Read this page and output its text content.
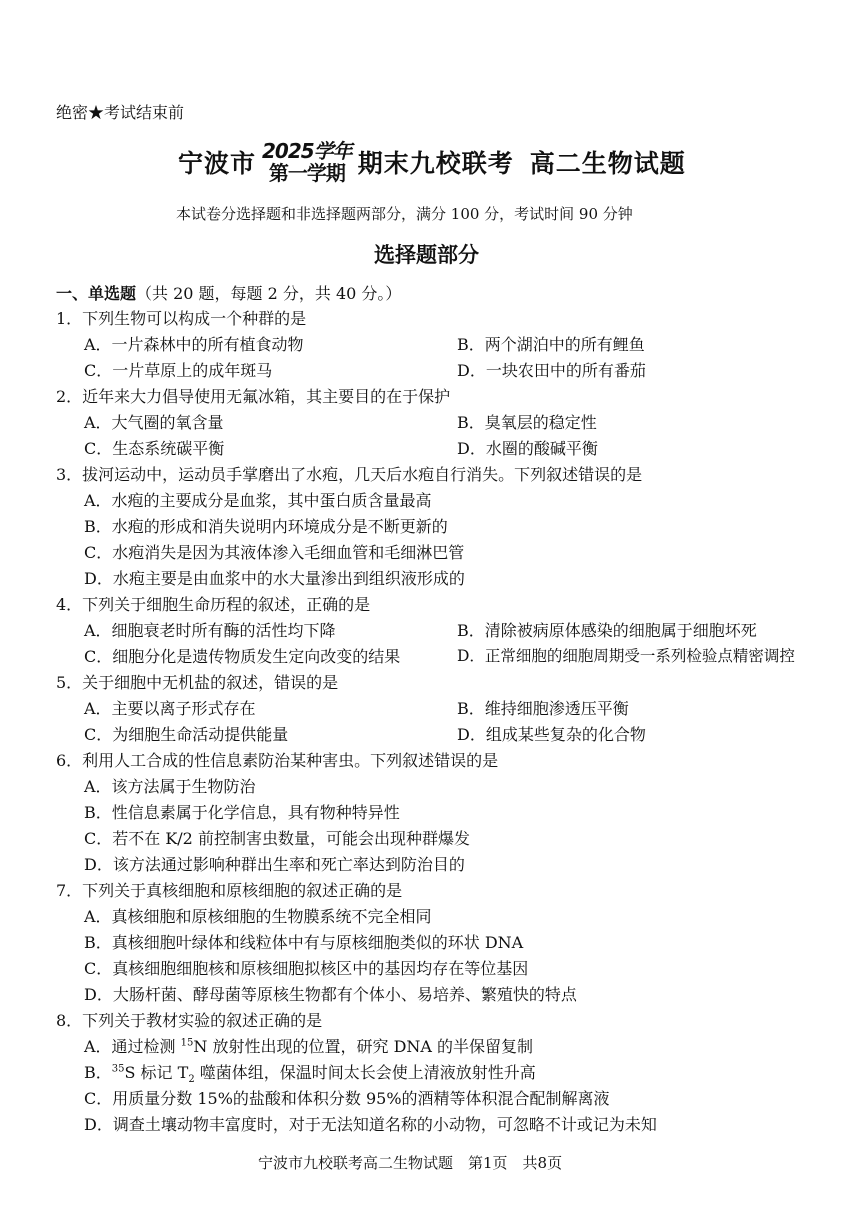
绝密★考试结束前
宁波市 2025学年
第一学期 期末九校联考 高二生物试题
本试卷分选择题和非选择题两部分，满分 100 分，考试时间 90 分钟
选择题部分
一、单选题（共 20 题，每题 2 分，共 40 分。）
1．下列生物可以构成一个种群的是
A．一片森林中的所有植食动物	B．两个湖泊中的所有鲤鱼
C．一片草原上的成年斑马	D．一块农田中的所有番茄
2．近年来大力倡导使用无氟冰箱，其主要目的在于保护
A．大气圈的氧含量	B．臭氧层的稳定性
C．生态系统碳平衡	D．水圈的酸碱平衡
3．拔河运动中，运动员手掌磨出了水疱，几天后水疱自行消失。下列叙述错误的是
A．水疱的主要成分是血浆，其中蛋白质含量最高
B．水疱的形成和消失说明内环境成分是不断更新的
C．水疱消失是因为其液体渗入毛细血管和毛细淋巴管
D．水疱主要是由血浆中的水大量渗出到组织液形成的
4．下列关于细胞生命历程的叙述，正确的是
A．细胞衰老时所有酶的活性均下降	B．清除被病原体感染的细胞属于细胞坏死
C．细胞分化是遗传物质发生定向改变的结果	D．正常细胞的细胞周期受一系列检验点精密调控
5．关于细胞中无机盐的叙述，错误的是
A．主要以离子形式存在	B．维持细胞渗透压平衡
C．为细胞生命活动提供能量	D．组成某些复杂的化合物
6．利用人工合成的性信息素防治某种害虫。下列叙述错误的是
A．该方法属于生物防治
B．性信息素属于化学信息，具有物种特异性
C．若不在 K/2 前控制害虫数量，可能会出现种群爆发
D．该方法通过影响种群出生率和死亡率达到防治目的
7．下列关于真核细胞和原核细胞的叙述正确的是
A．真核细胞和原核细胞的生物膜系统不完全相同
B．真核细胞叶绿体和线粒体中有与原核细胞类似的环状 DNA
C．真核细胞细胞核和原核细胞拟核区中的基因均存在等位基因
D．大肠杆菌、酵母菌等原核生物都有个体小、易培养、繁殖快的特点
8．下列关于教材实验的叙述正确的是
A．通过检测 $^{15}$N 放射性出现的位置，研究 DNA 的半保留复制
B．$^{35}$S 标记 $T_2$ 噬菌体组，保温时间太长会使上清液放射性升高
C．用质量分数 15%的盐酸和体积分数 95%的酒精等体积混合配制解离液
D．调查土壤动物丰富度时，对于无法知道名称的小动物，可忽略不计或记为未知
宁波市九校联考高二生物试题　第1页　共8页
